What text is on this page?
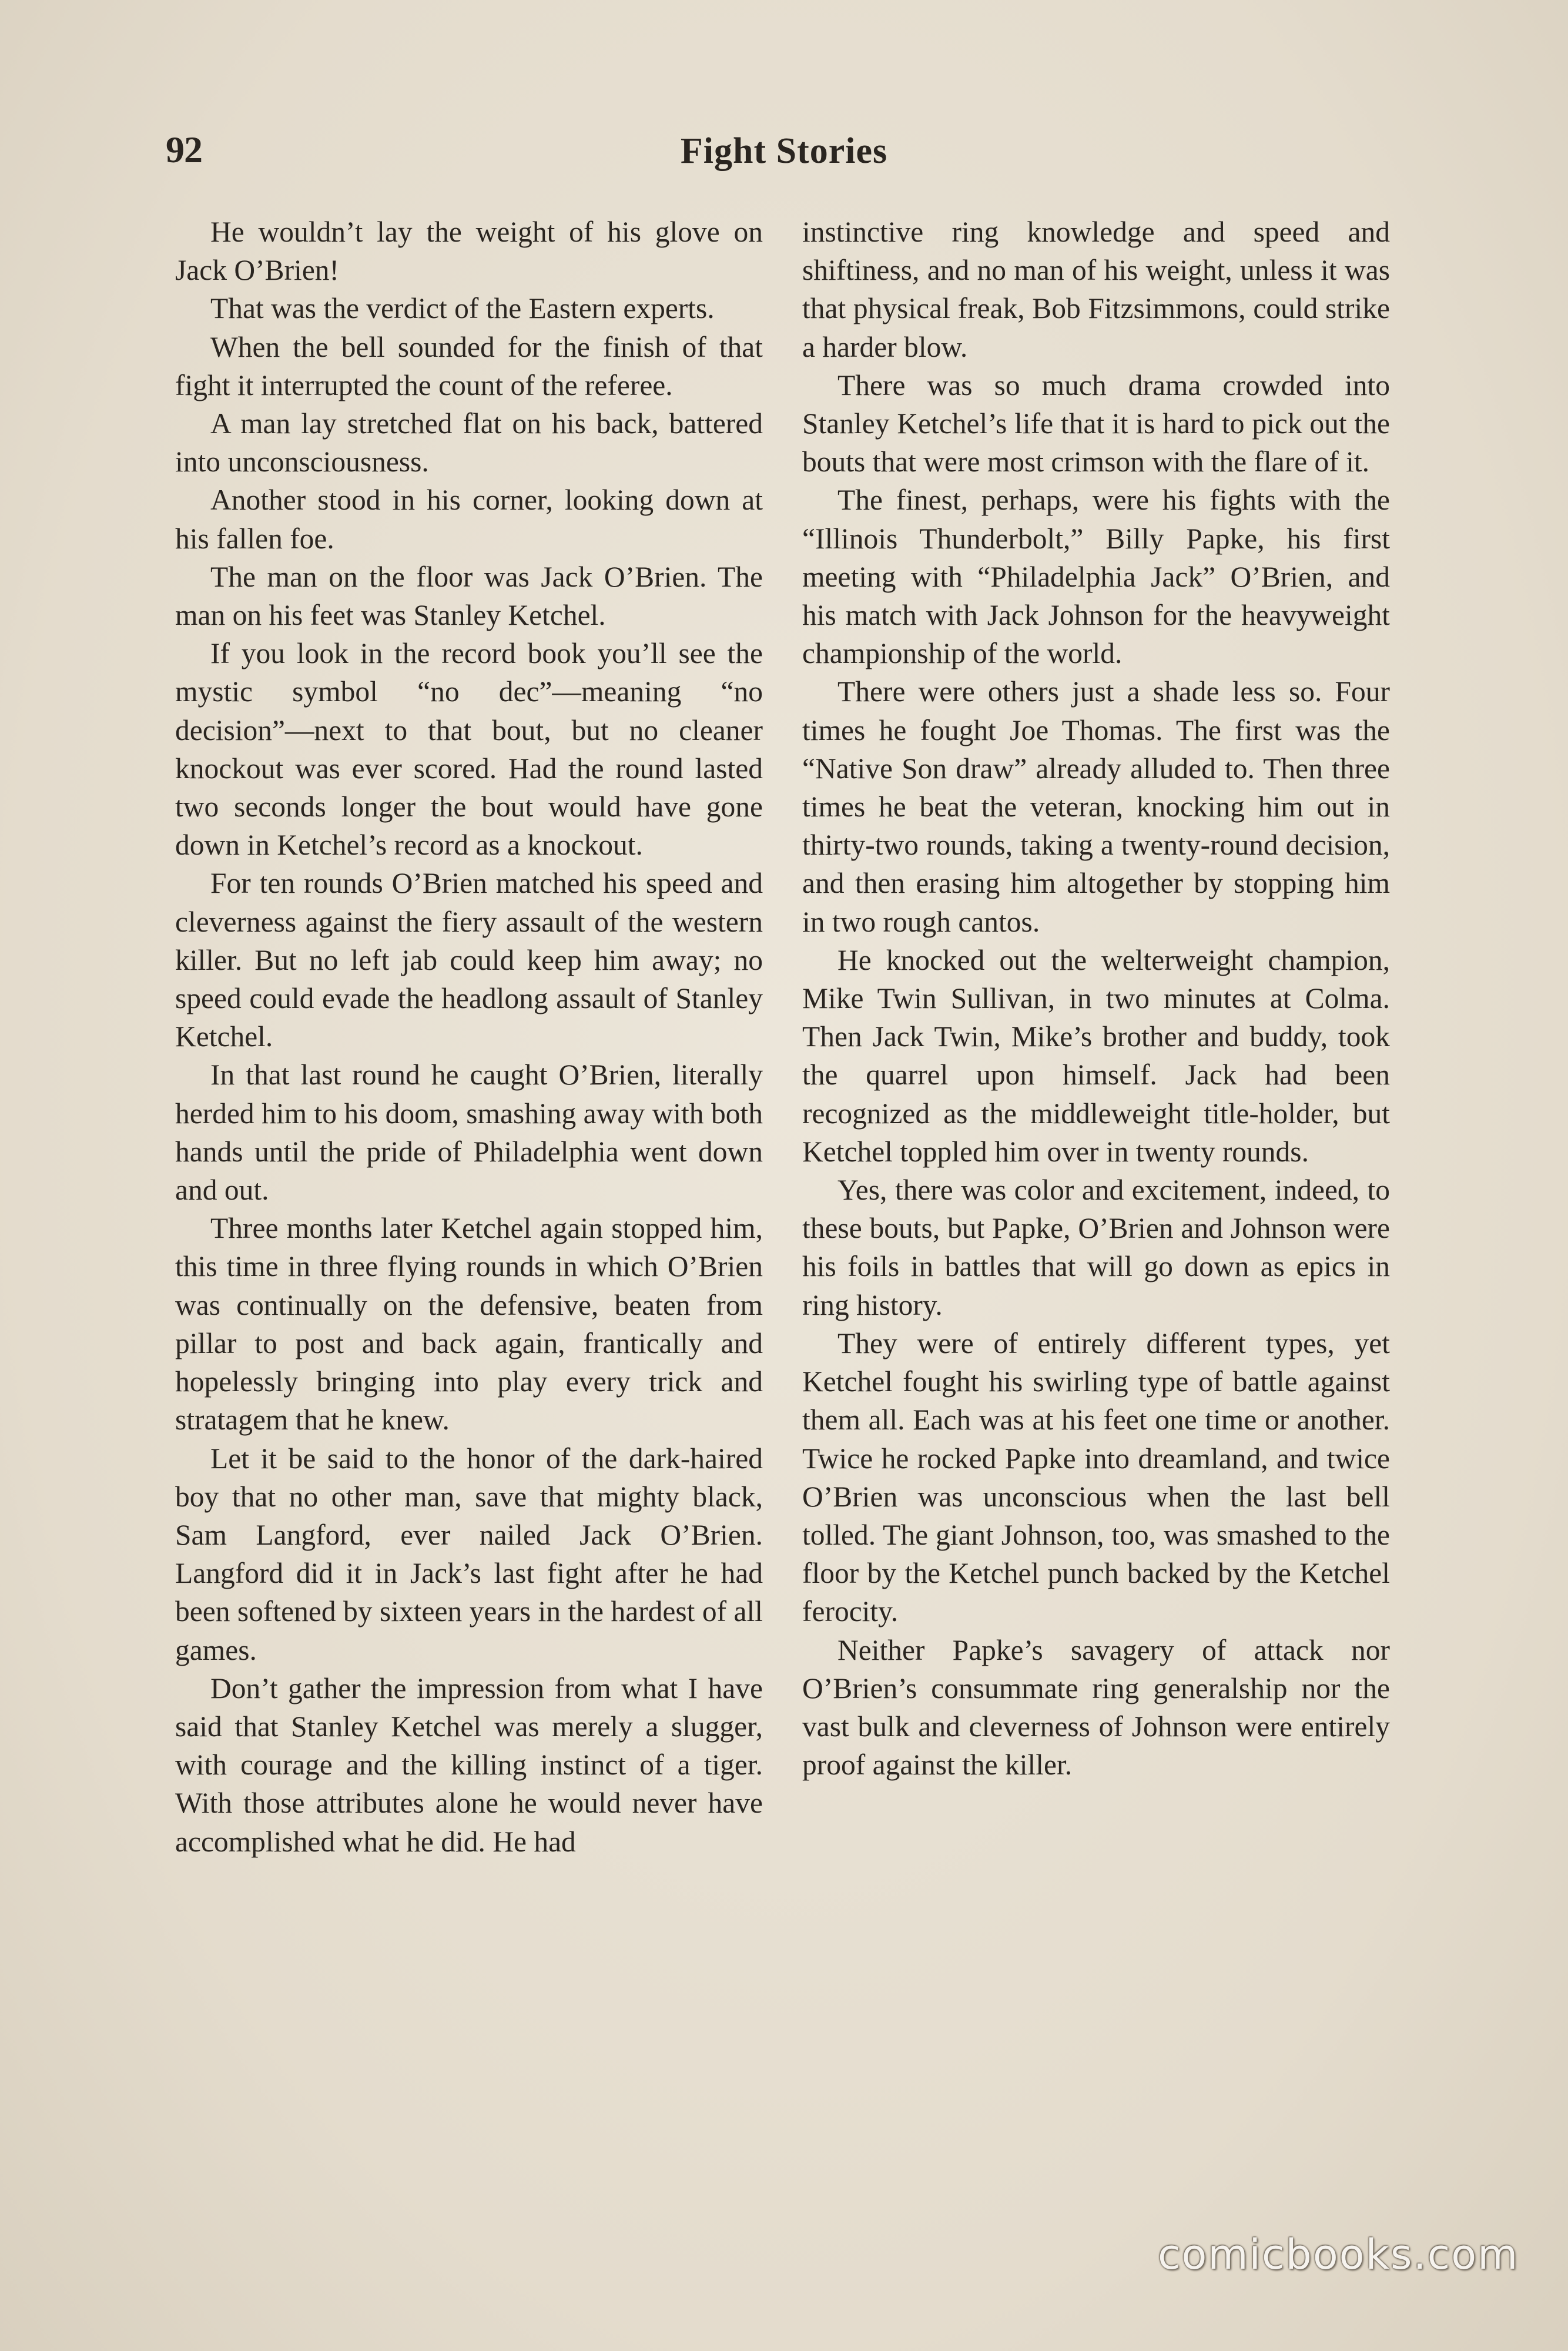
92	Fight Stories

He wouldn’t lay the weight of his glove on Jack O’Brien!

That was the verdict of the Eastern experts.

When the bell sounded for the finish of that fight it interrupted the count of the referee.

A man lay stretched flat on his back, battered into unconsciousness.

Another stood in his corner, looking down at his fallen foe.

The man on the floor was Jack O’Brien. The man on his feet was Stanley Ketchel.

If you look in the record book you’ll see the mystic symbol “no dec”—meaning “no decision”—next to that bout, but no cleaner knockout was ever scored. Had the round lasted two seconds longer the bout would have gone down in Ketchel’s record as a knockout.

For ten rounds O’Brien matched his speed and cleverness against the fiery assault of the western killer. But no left jab could keep him away; no speed could evade the headlong assault of Stanley Ketchel.

In that last round he caught O’Brien, literally herded him to his doom, smashing away with both hands until the pride of Philadelphia went down and out.

Three months later Ketchel again stopped him, this time in three flying rounds in which O’Brien was continually on the defensive, beaten from pillar to post and back again, frantically and hopelessly bringing into play every trick and stratagem that he knew.

Let it be said to the honor of the dark-haired boy that no other man, save that mighty black, Sam Langford, ever nailed Jack O’Brien. Langford did it in Jack’s last fight after he had been softened by sixteen years in the hardest of all games.

Don’t gather the impression from what I have said that Stanley Ketchel was merely a slugger, with courage and the killing instinct of a tiger. With those attributes alone he would never have accomplished what he did. He had

instinctive ring knowledge and speed and shiftiness, and no man of his weight, unless it was that physical freak, Bob Fitzsimmons, could strike a harder blow.

There was so much drama crowded into Stanley Ketchel’s life that it is hard to pick out the bouts that were most crimson with the flare of it.

The finest, perhaps, were his fights with the “Illinois Thunderbolt,” Billy Papke, his first meeting with “Philadelphia Jack” O’Brien, and his match with Jack Johnson for the heavyweight championship of the world.

There were others just a shade less so. Four times he fought Joe Thomas. The first was the “Native Son draw” already alluded to. Then three times he beat the veteran, knocking him out in thirty-two rounds, taking a twenty-round decision, and then erasing him altogether by stopping him in two rough cantos.

He knocked out the welterweight champion, Mike Twin Sullivan, in two minutes at Colma. Then Jack Twin, Mike’s brother and buddy, took the quarrel upon himself. Jack had been recognized as the middleweight title-holder, but Ketchel toppled him over in twenty rounds.

Yes, there was color and excitement, indeed, to these bouts, but Papke, O’Brien and Johnson were his foils in battles that will go down as epics in ring history.

They were of entirely different types, yet Ketchel fought his swirling type of battle against them all. Each was at his feet one time or another. Twice he rocked Papke into dreamland, and twice O’Brien was unconscious when the last bell tolled. The giant Johnson, too, was smashed to the floor by the Ketchel punch backed by the Ketchel ferocity.

Neither Papke’s savagery of attack nor O’Brien’s consummate ring generalship nor the vast bulk and cleverness of Johnson were entirely proof against the killer.

comicbooks.com
